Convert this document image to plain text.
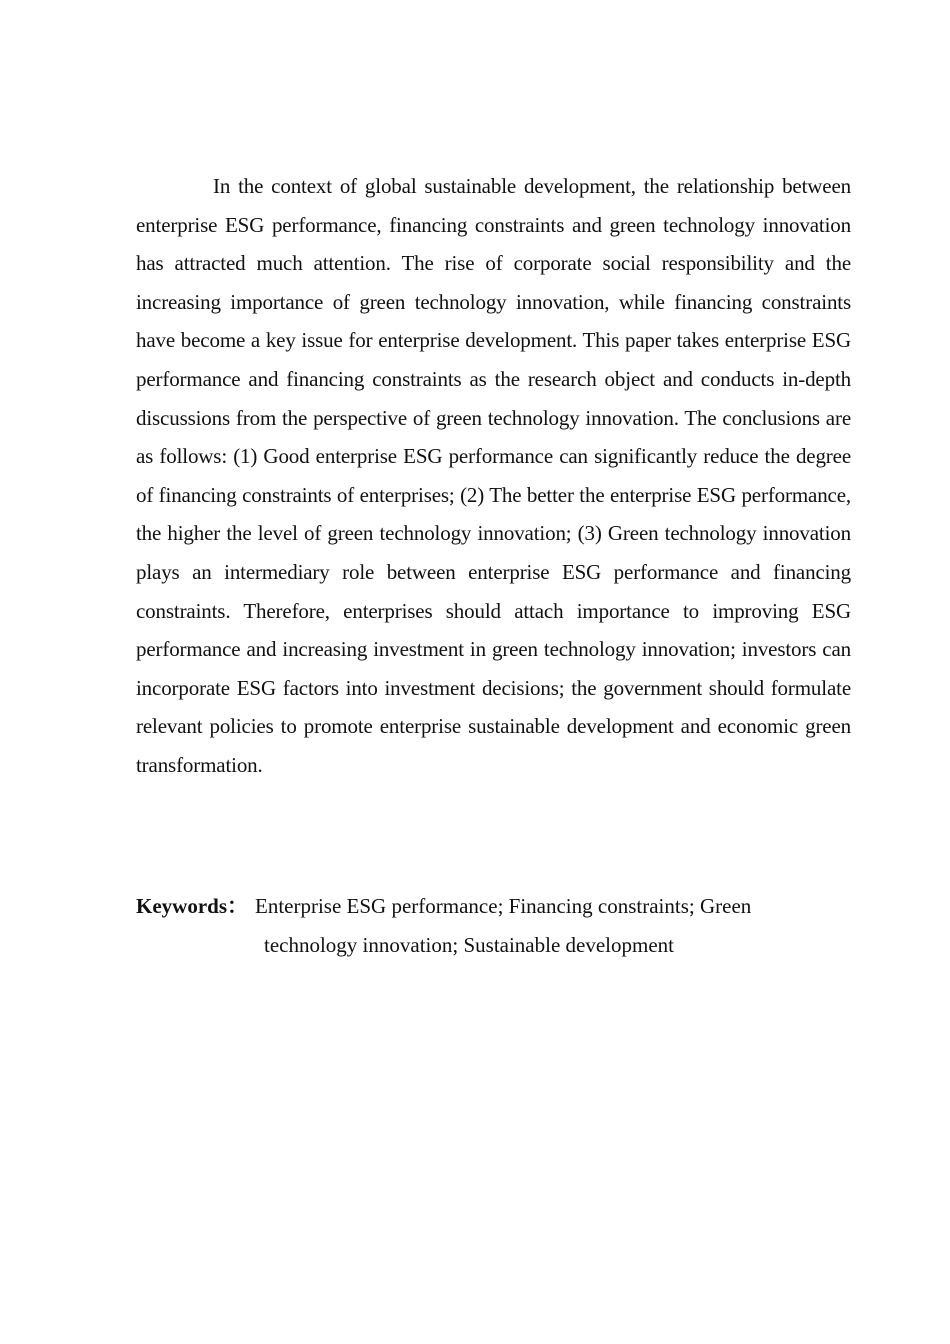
In the context of global sustainable development, the relationship between enterprise ESG performance, financing constraints and green technology innovation has attracted much attention. The rise of corporate social responsibility and the increasing importance of green technology innovation, while financing constraints have become a key issue for enterprise development. This paper takes enterprise ESG performance and financing constraints as the research object and conducts in-depth discussions from the perspective of green technology innovation. The conclusions are as follows: (1) Good enterprise ESG performance can significantly reduce the degree of financing constraints of enterprises; (2) The better the enterprise ESG performance, the higher the level of green technology innovation; (3) Green technology innovation plays an intermediary role between enterprise ESG performance and financing constraints. Therefore, enterprises should attach importance to improving ESG performance and increasing investment in green technology innovation; investors can incorporate ESG factors into investment decisions; the government should formulate relevant policies to promote enterprise sustainable development and economic green transformation.

Keywords： Enterprise ESG performance; Financing constraints; Green
technology innovation; Sustainable development
